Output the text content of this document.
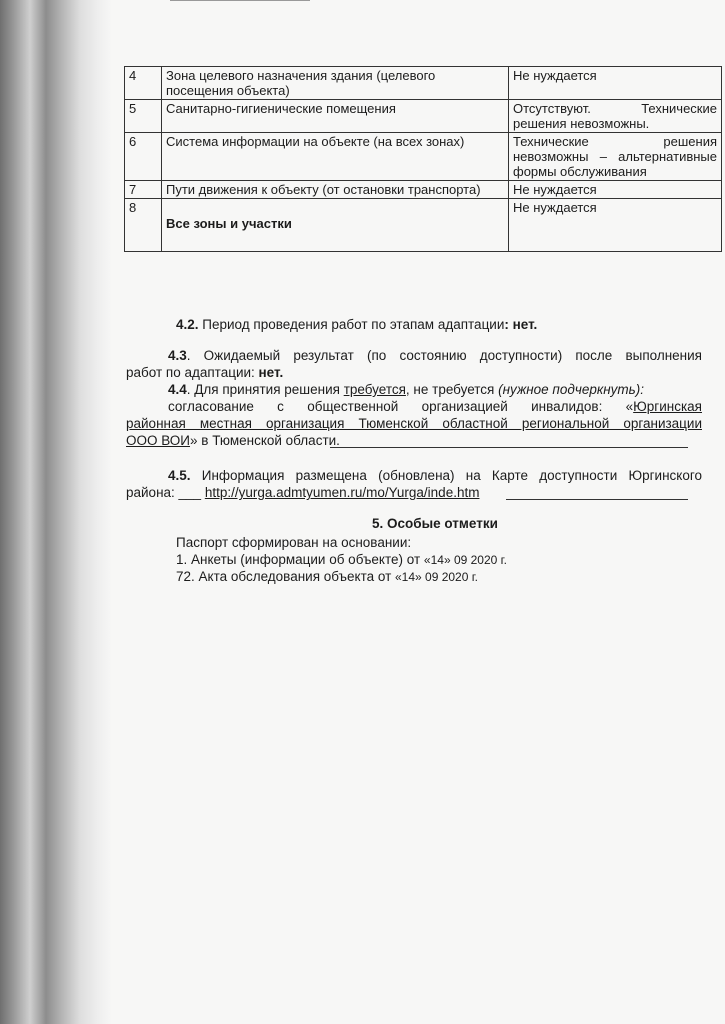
4	Зона целевого назначения здания (целевого посещения объекта)	Не нуждается
5	Санитарно-гигиенические помещения	Отсутствуют. Технические решения невозможны.
6	Система информации на объекте (на всех зонах)	Технические решения невозможны – альтернативные формы обслуживания
7	Пути движения к объекту (от остановки транспорта)	Не нуждается
8	Все зоны и участки	Не нуждается
4.2. Период проведения работ по этапам адаптации: нет.
4.3. Ожидаемый результат (по состоянию доступности) после выполнения
работ по адаптации: нет.
4.4. Для принятия решения требуется, не требуется (нужное подчеркнуть):
согласование с общественной организацией инвалидов: «Юргинская
районная местная организация Тюменской областной региональной организации
ООО ВОИ» в Тюменской области.
4.5. Информация размещена (обновлена) на Карте доступности Юргинского
района: ___ http://yurga.admtyumen.ru/mo/Yurga/inde.htm
5. Особые отметки
Паспорт сформирован на основании:
1. Анкеты (информации об объекте) от «14» 09 2020 г.
72. Акта обследования объекта от «14» 09 2020 г.
